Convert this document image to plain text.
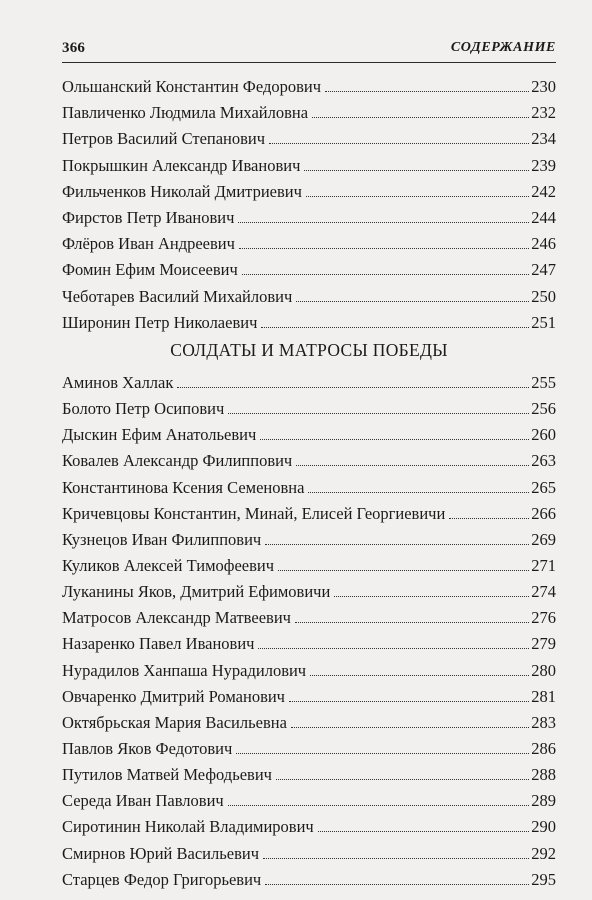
366	СОДЕРЖАНИЕ
Ольшанский Константин Федорович	230
Павличенко Людмила Михайловна	232
Петров Василий Степанович	234
Покрышкин Александр Иванович	239
Фильченков Николай Дмитриевич	242
Фирстов Петр Иванович	244
Флёров Иван Андреевич	246
Фомин Ефим Моисеевич	247
Чеботарев Василий Михайлович	250
Широнин Петр Николаевич	251
СОЛДАТЫ И МАТРОСЫ ПОБЕДЫ
Аминов Халлак	255
Болото Петр Осипович	256
Дыскин Ефим Анатольевич	260
Ковалев Александр Филиппович	263
Константинова Ксения Семеновна	265
Кричевцовы Константин, Минай, Елисей Георгиевичи	266
Кузнецов Иван Филиппович	269
Куликов Алексей Тимофеевич	271
Луканины Яков, Дмитрий Ефимовичи	274
Матросов Александр Матвеевич	276
Назаренко Павел Иванович	279
Нурадилов Ханпаша Нурадилович	280
Овчаренко Дмитрий Романович	281
Октябрьская Мария Васильевна	283
Павлов Яков Федотович	286
Путилов Матвей Мефодьевич	288
Середа Иван Павлович	289
Сиротинин Николай Владимирович	290
Смирнов Юрий Васильевич	292
Старцев Федор Григорьевич	295
